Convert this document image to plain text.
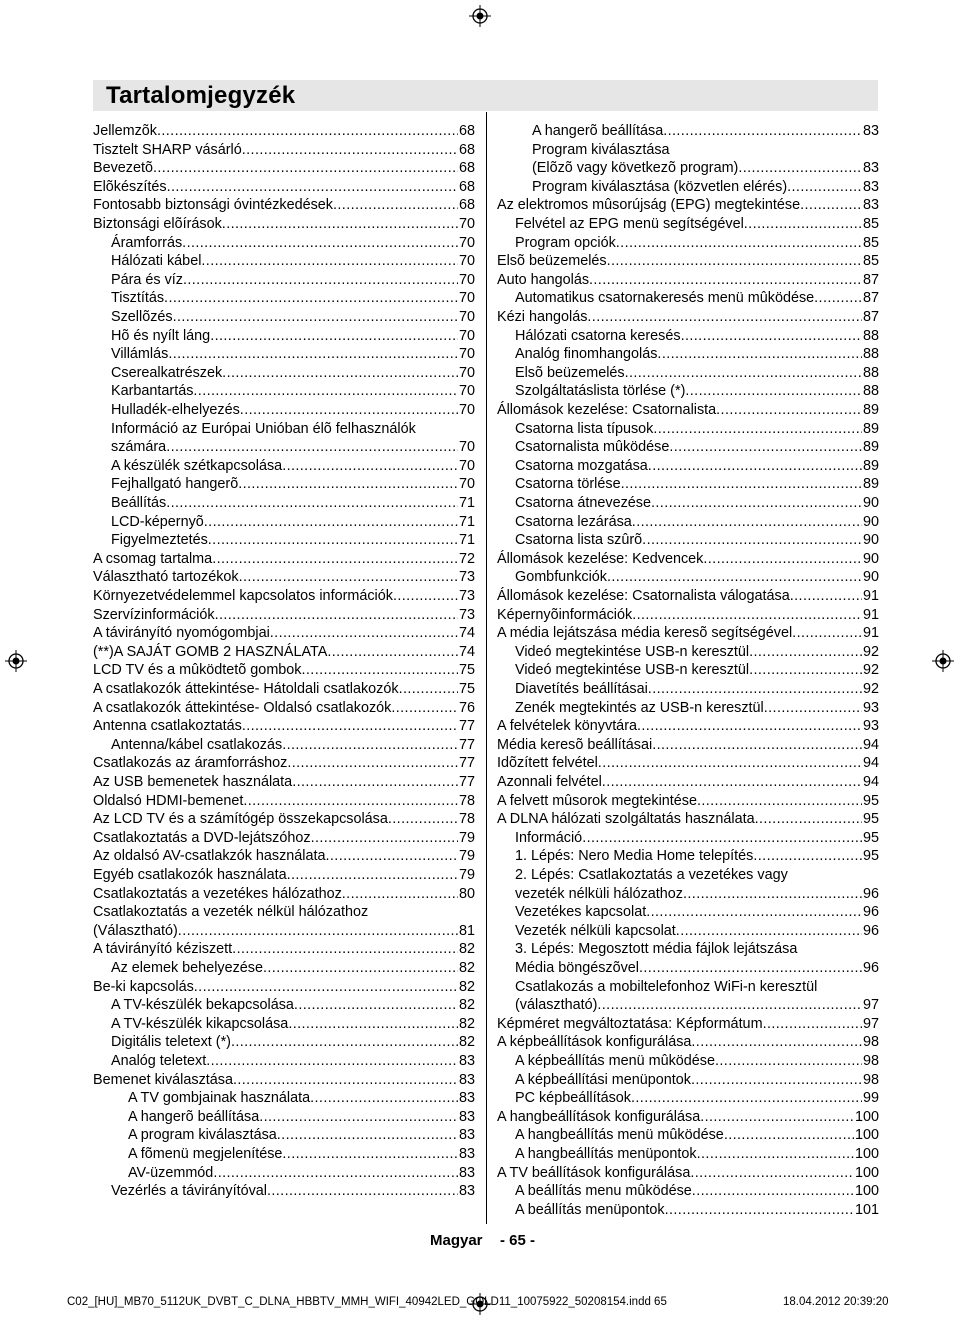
Tartalomjegyzék
Jellemzõk .....	68
Tisztelt SHARP vásárló .....	68
Bevezetõ .....	68
Elõkészítés .....	68
Fontosabb biztonsági óvintézkedések .....	68
Biztonsági elõírások .....	70
Áramforrás .....	70
Hálózati kábel .....	70
Pára és víz .....	70
Tisztítás .....	70
Szellõzés .....	70
Hõ és nyílt láng .....	70
Villámlás .....	70
Cserealkatrészek .....	70
Karbantartás .....	70
Hulladék-elhelyezés .....	70
Információ az Európai Unióban élõ felhasználók
számára .....	70
A készülék szétkapcsolása .....	70
Fejhallgató hangerõ .....	70
Beállítás .....	71
LCD-képernyõ .....	71
Figyelmeztetés .....	71
A csomag tartalma .....	72
Választható tartozékok .....	73
Környezetvédelemmel kapcsolatos információk .....	73
Szervízinformációk .....	73
A távirányító nyomógombjai .....	74
(**)A SAJÁT GOMB 2 HASZNÁLATA .....	74
LCD TV és a mûködtetõ gombok .....	75
A csatlakozók áttekintése- Hátoldali csatlakozók .....	75
A csatlakozók áttekintése- Oldalsó csatlakozók .....	76
Antenna csatlakoztatás .....	77
Antenna/kábel csatlakozás .....	77
Csatlakozás az áramforráshoz .....	77
Az USB bemenetek használata .....	77
Oldalsó HDMI-bemenet .....	78
Az LCD TV és a számítógép összekapcsolása .....	78
Csatlakoztatás a DVD-lejátszóhoz .....	79
Az oldalsó AV-csatlakzók használata .....	79
Egyéb csatlakozók használata .....	79
Csatlakoztatás a vezetékes hálózathoz .....	80
Csatlakoztatás a vezeték nélkül hálózathoz
(Választható) .....	81
A távirányító kéziszett .....	82
Az elemek behelyezése .....	82
Be-ki kapcsolás .....	82
A TV-készülék bekapcsolása .....	82
A TV-készülék kikapcsolása .....	82
Digitális teletext (*) .....	82
Analóg teletext .....	83
Bemenet kiválasztása .....	83
A TV gombjainak használata .....	83
A hangerõ beállítása .....	83
A program kiválasztása .....	83
A fõmenü megjelenítése .....	83
AV-üzemmód .....	83
Vezérlés a távirányítóval .....	83
A hangerõ beállítása .....	83
Program kiválasztása
(Elõzõ vagy következõ program) .....	83
Program kiválasztása (közvetlen elérés) .....	83
Az elektromos mûsorújság (EPG) megtekintése .....	83
Felvétel az EPG menü segítségével .....	85
Program opciók .....	85
Elsõ beüzemelés .....	85
Auto hangolás .....	87
Automatikus csatornakeresés menü mûködése .....	87
Kézi hangolás .....	87
Hálózati csatorna keresés .....	88
Analóg finomhangolás .....	88
Elsõ beüzemelés .....	88
Szolgáltatáslista törlése (*) .....	88
Állomások kezelése: Csatornalista .....	89
Csatorna lista típusok .....	89
Csatornalista mûködése .....	89
Csatorna mozgatása .....	89
Csatorna törlése .....	89
Csatorna átnevezése .....	90
Csatorna lezárása .....	90
Csatorna lista szûrõ .....	90
Állomások kezelése: Kedvencek .....	90
Gombfunkciók .....	90
Állomások kezelése: Csatornalista válogatása .....	91
Képernyõinformációk .....	91
A média lejátszása média keresõ segítségével .....	91
Videó megtekintése USB-n keresztül .....	92
Videó megtekintése USB-n keresztül .....	92
Diavetítés beállításai .....	92
Zenék megtekintés az USB-n keresztül .....	93
A felvételek könyvtára .....	93
Média keresõ beállításai .....	94
Idõzített felvétel .....	94
Azonnali felvétel .....	94
A felvett mûsorok megtekintése .....	95
A DLNA hálózati szolgáltatás használata .....	95
Információ .....	95
1. Lépés: Nero Media Home telepítés .....	95
2. Lépés: Csatlakoztatás a vezetékes vagy
vezeték nélküli hálózathoz .....	96
Vezetékes kapcsolat .....	96
Vezeték nélküli kapcsolat .....	96
3. Lépés: Megosztott média fájlok lejátszása
Média böngészõvel .....	96
Csatlakozás a mobiltelefonhoz WiFi-n keresztül
(választható) .....	97
Képméret megváltoztatása: Képformátum .....	97
A képbeállítások konfigurálása .....	98
A képbeállítás menü mûködése .....	98
A képbeállítási menüpontok .....	98
PC képbeállítások .....	99
A hangbeállítások konfigurálása .....	100
A hangbeállítás menü mûködése .....	100
A hangbeállítás menüpontok .....	100
A TV beállítások konfigurálása .....	100
A beállítás menu mûködése .....	100
A beállítás menüpontok .....	101
Magyar - 65 -
C02_[HU]_MB70_5112UK_DVBT_C_DLNA_HBBTV_MMH_WIFI_40942LED_GOLD11_10075922_50208154.indd 65	18.04.2012 20:39:20
